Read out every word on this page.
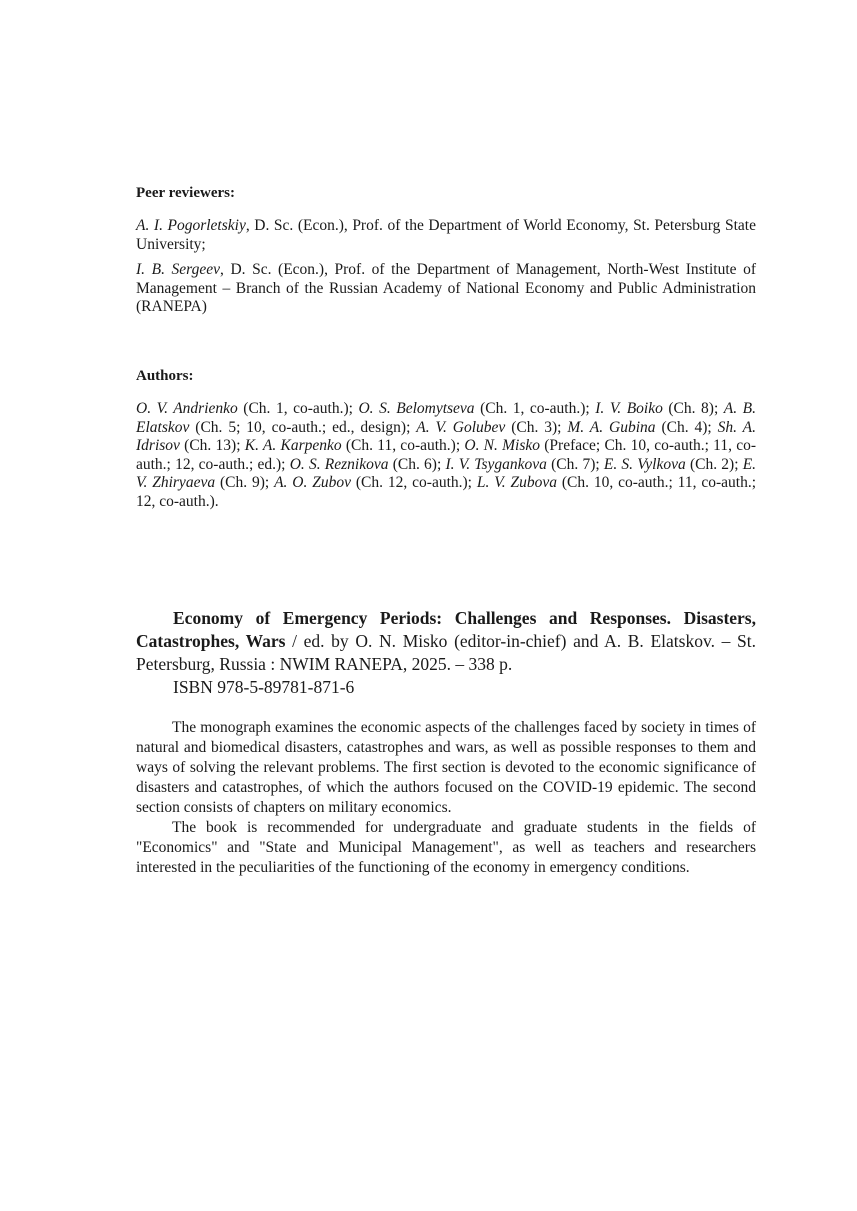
Peer reviewers:
A. I. Pogorletskiy, D. Sc. (Econ.), Prof. of the Department of World Economy, St. Petersburg State University;
I. B. Sergeev, D. Sc. (Econ.), Prof. of the Department of Management, North-West Institute of Management – Branch of the Russian Academy of National Economy and Public Administration (RANEPA)
Authors:
O. V. Andrienko (Ch. 1, co-auth.); O. S. Belomytseva (Ch. 1, co-auth.); I. V. Boiko (Ch. 8); A. B. Elatskov (Ch. 5; 10, co-auth.; ed., design); A. V. Golubev (Ch. 3); M. A. Gubina (Ch. 4); Sh. A. Idrisov (Ch. 13); K. A. Karpenko (Ch. 11, co-auth.); O. N. Misko (Preface; Ch. 10, co-auth.; 11, co-auth.; 12, co-auth.; ed.); O. S. Reznikova (Ch. 6); I. V. Tsygankova (Ch. 7); E. S. Vylkova (Ch. 2); E. V. Zhiryaeva (Ch. 9); A. O. Zubov (Ch. 12, co-auth.); L. V. Zubova (Ch. 10, co-auth.; 11, co-auth.; 12, co-auth.).
Economy of Emergency Periods: Challenges and Responses. Disasters, Catastrophes, Wars / ed. by O. N. Misko (editor-in-chief) and A. B. Elatskov. – St. Petersburg, Russia : NWIM RANEPA, 2025. – 338 p.
ISBN 978-5-89781-871-6

The monograph examines the economic aspects of the challenges faced by society in times of natural and biomedical disasters, catastrophes and wars, as well as possible responses to them and ways of solving the relevant problems. The first section is devoted to the economic significance of disasters and catastrophes, of which the authors focused on the COVID-19 epidemic. The second section consists of chapters on military economics.

The book is recommended for undergraduate and graduate students in the fields of "Economics" and "State and Municipal Management", as well as teachers and researchers interested in the peculiarities of the functioning of the economy in emergency conditions.
